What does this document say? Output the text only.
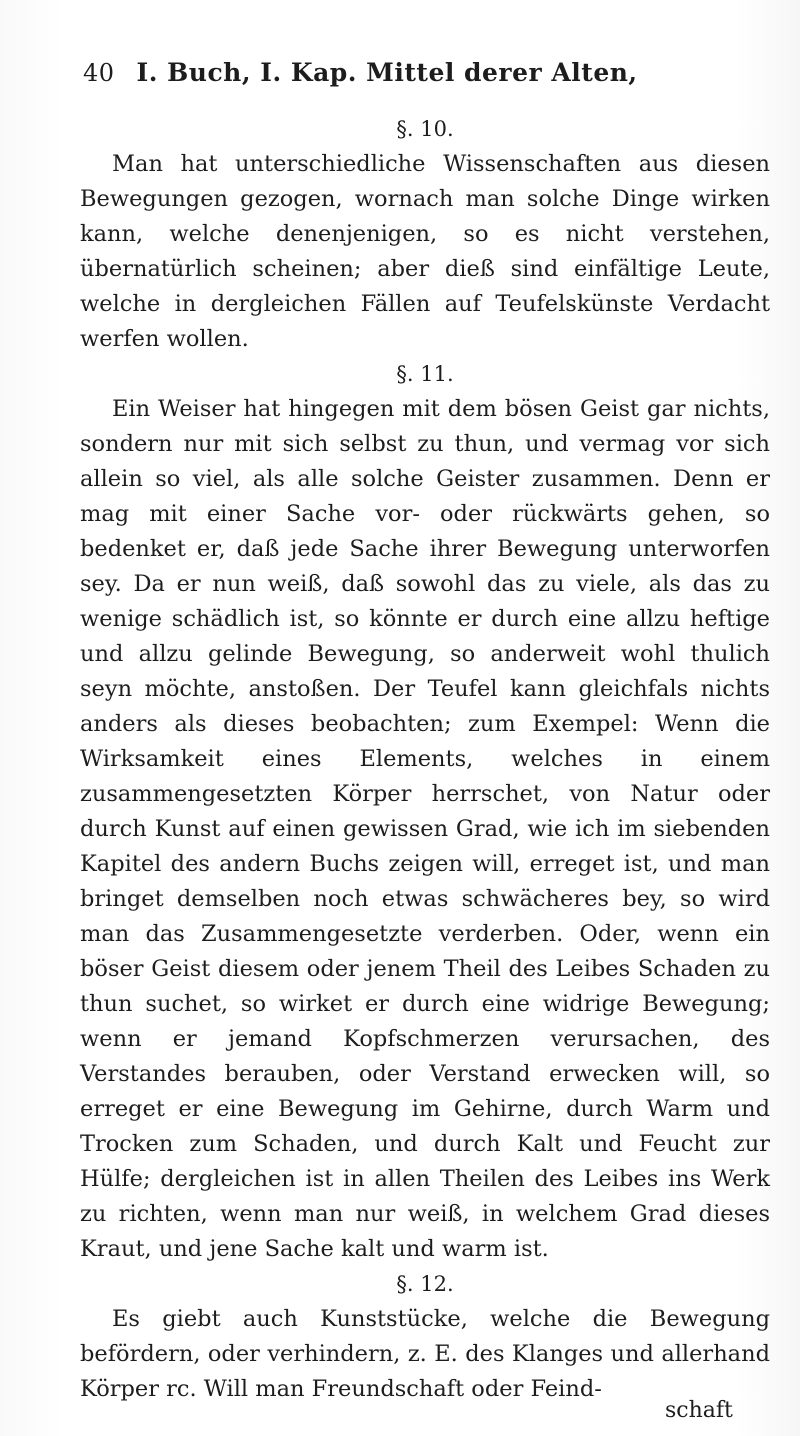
40 I. Buch, I. Kap. Mittel derer Alten,

§. 10.

Man hat unterschiedliche Wissenschaften aus diesen Bewegungen gezogen, wornach man solche Dinge wirken kann, welche denenjenigen, so es nicht verstehen, übernatürlich scheinen; aber dieß sind einfältige Leute, welche in dergleichen Fällen auf Teufelskünste Verdacht werfen wollen.

§. 11.

Ein Weiser hat hingegen mit dem bösen Geist gar nichts, sondern nur mit sich selbst zu thun, und vermag vor sich allein so viel, als alle solche Geister zusammen. Denn er mag mit einer Sache vor- oder rückwärts gehen, so bedenket er, daß jede Sache ihrer Bewegung unterworfen sey. Da er nun weiß, daß sowohl das zu viele, als das zu wenige schädlich ist, so könnte er durch eine allzu heftige und allzu gelinde Bewegung, so anderweit wohl thulich seyn möchte, anstoßen. Der Teufel kann gleichfals nichts anders als dieses beobachten; zum Exempel: Wenn die Wirksamkeit eines Elements, welches in einem zusammengesetzten Körper herrschet, von Natur oder durch Kunst auf einen gewissen Grad, wie ich im siebenden Kapitel des andern Buchs zeigen will, erreget ist, und man bringet demselben noch etwas schwächeres bey, so wird man das Zusammengesetzte verderben. Oder, wenn ein böser Geist diesem oder jenem Theil des Leibes Schaden zu thun suchet, so wirket er durch eine widrige Bewegung; wenn er jemand Kopfschmerzen verursachen, des Verstandes berauben, oder Verstand erwecken will, so erreget er eine Bewegung im Gehirne, durch Warm und Trocken zum Schaden, und durch Kalt und Feucht zur Hülfe; dergleichen ist in allen Theilen des Leibes ins Werk zu richten, wenn man nur weiß, in welchem Grad dieses Kraut, und jene Sache kalt und warm ist.

§. 12.

Es giebt auch Kunststücke, welche die Bewegung befördern, oder verhindern, z. E. des Klanges und allerhand Körper rc. Will man Freundschaft oder Feind-

schaft
